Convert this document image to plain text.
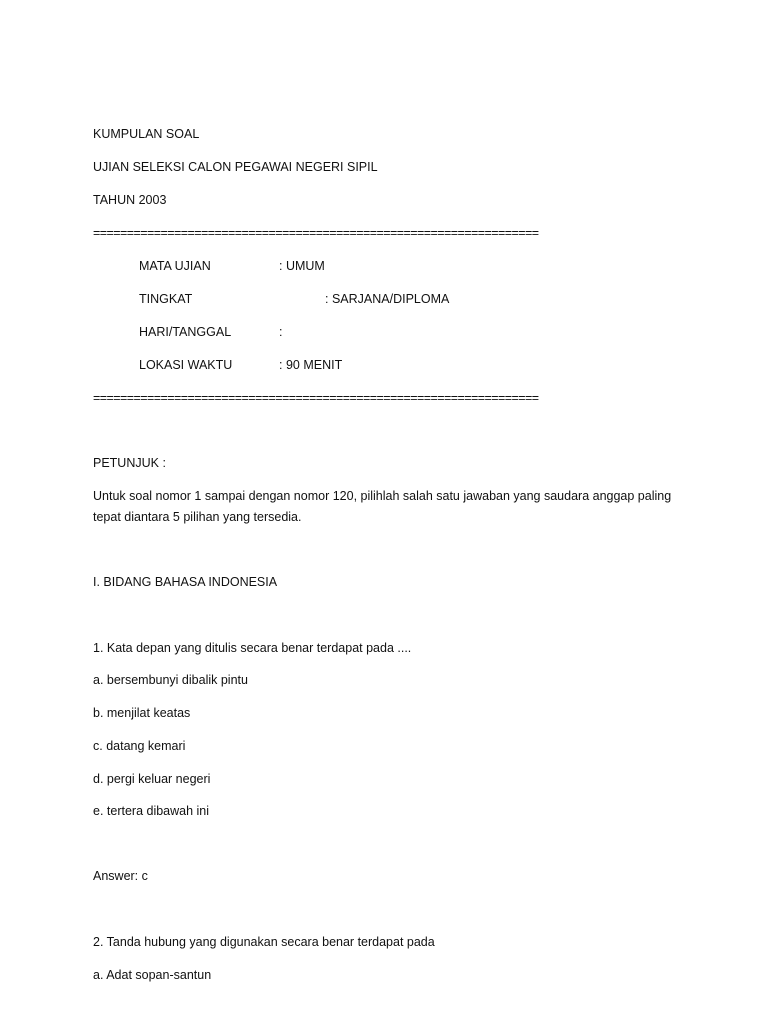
KUMPULAN SOAL
UJIAN SELEKSI CALON PEGAWAI NEGERI SIPIL
TAHUN 2003
==================================================================
MATA UJIAN	: UMUM
TINGKAT	: SARJANA/DIPLOMA
HARI/TANGGAL	:
LOKASI WAKTU	: 90 MENIT
==================================================================
PETUNJUK :
Untuk soal nomor 1 sampai dengan nomor 120, pilihlah salah satu jawaban yang saudara anggap paling tepat diantara 5 pilihan yang tersedia.
I. BIDANG BAHASA INDONESIA
1. Kata depan yang ditulis secara benar terdapat pada ....
a. bersembunyi dibalik pintu
b. menjilat keatas
c. datang kemari
d. pergi keluar negeri
e. tertera dibawah ini
Answer: c
2. Tanda hubung yang digunakan secara benar terdapat pada
a. Adat sopan-santun
